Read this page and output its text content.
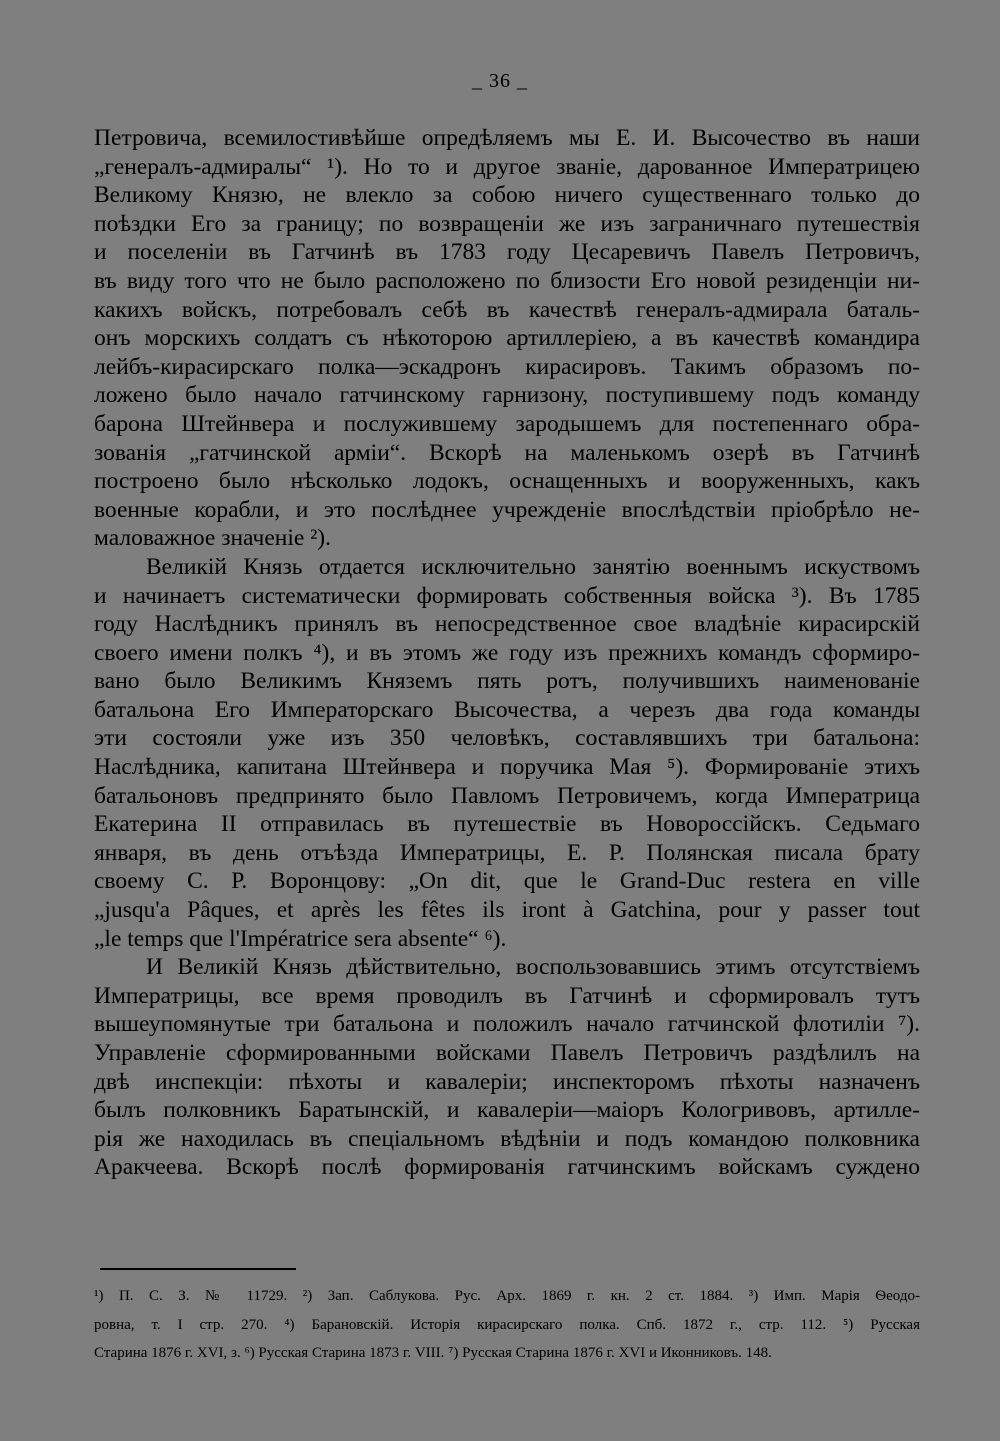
_ 36 _
Петровича, всемилостивѣйше опредѣляемъ мы Е. И. Высочество въ наши
„генералъ-адмиралы“ ¹). Но то и другое званіе, дарованное Императрицею
Великому Князю, не влекло за собою ничего существеннаго только до
поѣздки Его за границу; по возвращеніи же изъ заграничнаго путешествія
и поселеніи въ Гатчинѣ въ 1783 году Цесаревичъ Павелъ Петровичъ,
въ виду того что не было расположено по близости Его новой резиденціи ни-
какихъ войскъ, потребовалъ себѣ въ качествѣ генералъ-адмирала баталь-
онъ морскихъ солдатъ съ нѣкоторою артиллеріею, а въ качествѣ командира
лейбъ-кирасирскаго полка—эскадронъ кирасировъ. Такимъ образомъ по-
ложено было начало гатчинскому гарнизону, поступившему подъ команду
барона Штейнвера и послужившему зародышемъ для постепеннаго обра-
зованія „гатчинской арміи“. Вскорѣ на маленькомъ озерѣ въ Гатчинѣ
построено было нѣсколько лодокъ, оснащенныхъ и вооруженныхъ, какъ
военные корабли, и это послѣднее учрежденіе впослѣдствіи пріобрѣло не-
маловажное значеніе ²).
Великій Князь отдается исключительно занятію военнымъ искуствомъ
и начинаетъ систематически формировать собственныя войска ³). Въ 1785
году Наслѣдникъ принялъ въ непосредственное свое владѣніе кирасирскій
своего имени полкъ ⁴), и въ этомъ же году изъ прежнихъ командъ сформиро-
вано было Великимъ Княземъ пять ротъ, получившихъ наименованіе
батальона Его Императорскаго Высочества, а черезъ два года команды
эти состояли уже изъ 350 человѣкъ, составлявшихъ три батальона:
Наслѣдника, капитана Штейнвера и поручика Мая ⁵). Формированіе этихъ
батальоновъ предпринято было Павломъ Петровичемъ, когда Императрица
Екатерина II отправилась въ путешествіе въ Новороссійскъ. Седьмаго
января, въ день отъѣзда Императрицы, Е. Р. Полянская писала брату
своему С. Р. Воронцову: „On dit, que le Grand-Duc restera en ville
„jusqu'a Pâques, et après les fêtes ils iront à Gatchina, pour y passer tout
„le temps que l'Impératrice sera absente“ ⁶).
И Великій Князь дѣйствительно, воспользовавшись этимъ отсутствіемъ
Императрицы, все время проводилъ въ Гатчинѣ и сформировалъ тутъ
вышеупомянутые три батальона и положилъ начало гатчинской флотиліи ⁷).
Управленіе сформированными войсками Павелъ Петровичъ раздѣлилъ на
двѣ инспекціи: пѣхоты и кавалеріи; инспекторомъ пѣхоты назначенъ
былъ полковникъ Баратынскій, и кавалеріи—маіоръ Кологривовъ, артилле-
рія же находилась въ спеціальномъ вѣдѣніи и подъ командою полковника
Аракчеева. Вскорѣ послѣ формированія гатчинскимъ войскамъ суждено
¹) П. С. З. № 11729. ²) Зап. Саблукова. Рус. Арх. 1869 г. кн. 2 ст. 1884. ³) Имп. Марія Ѳеодо-
ровна, т. I стр. 270. ⁴) Барановскій. Исторія кирасирскаго полка. Спб. 1872 г., стр. 112. ⁵) Русская
Старина 1876 г. XVI, з. ⁶) Русская Старина 1873 г. VIII. ⁷) Русская Старина 1876 г. XVI и Иконниковъ. 148.
